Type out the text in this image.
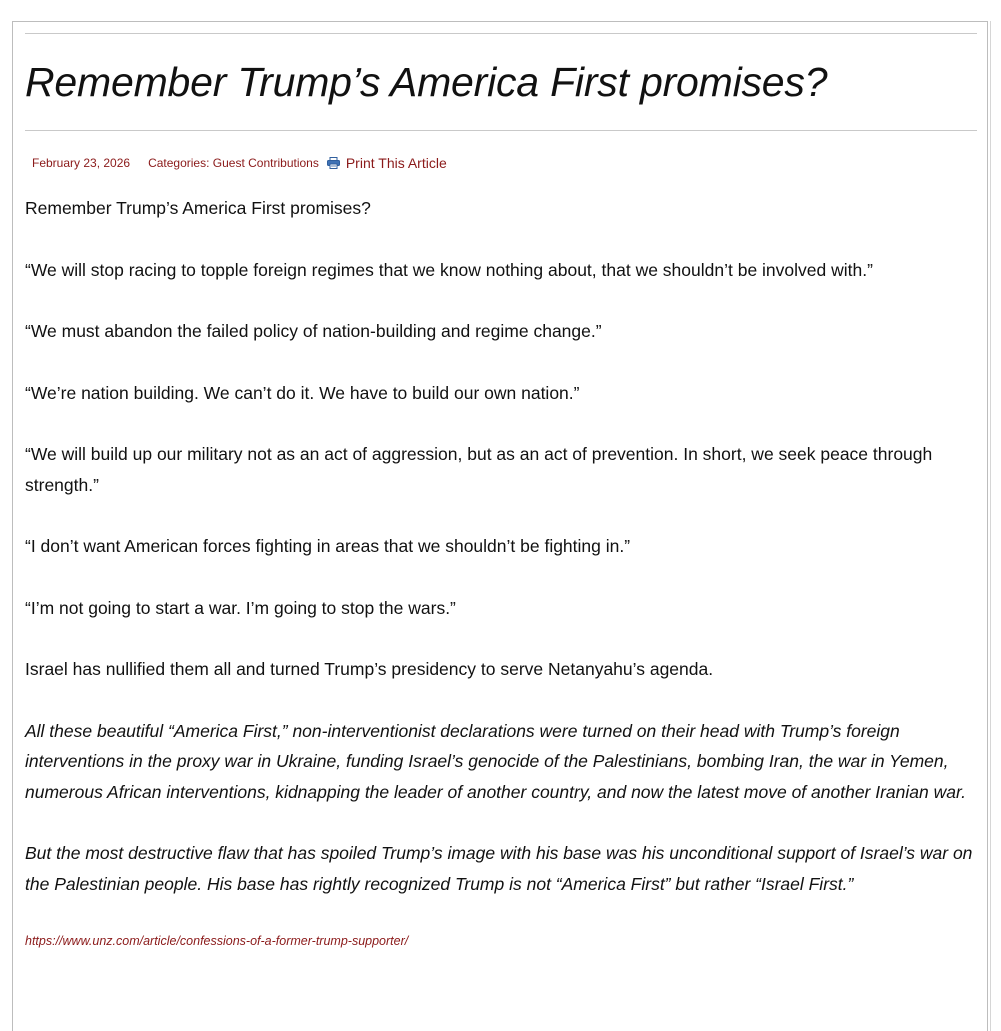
Remember Trump’s America First promises?
February 23, 2026 Categories: Guest Contributions Print This Article

Remember Trump’s America First promises?

“We will stop racing to topple foreign regimes that we know nothing about, that we shouldn’t be involved with.”

“We must abandon the failed policy of nation-building and regime change.”

“We’re nation building. We can’t do it. We have to build our own nation.”

“We will build up our military not as an act of aggression, but as an act of prevention. In short, we seek peace through strength.”

“I don’t want American forces fighting in areas that we shouldn’t be fighting in.”

“I’m not going to start a war. I’m going to stop the wars.”

Israel has nullified them all and turned Trump’s presidency to serve Netanyahu’s agenda.

All these beautiful “America First,” non-interventionist declarations were turned on their head with Trump’s foreign interventions in the proxy war in Ukraine, funding Israel’s genocide of the Palestinians, bombing Iran, the war in Yemen, numerous African interventions, kidnapping the leader of another country, and now the latest move of another Iranian war.

But the most destructive flaw that has spoiled Trump’s image with his base was his unconditional support of Israel’s war on the Palestinian people. His base has rightly recognized Trump is not “America First” but rather “Israel First.”

https://www.unz.com/article/confessions-of-a-former-trump-supporter/
